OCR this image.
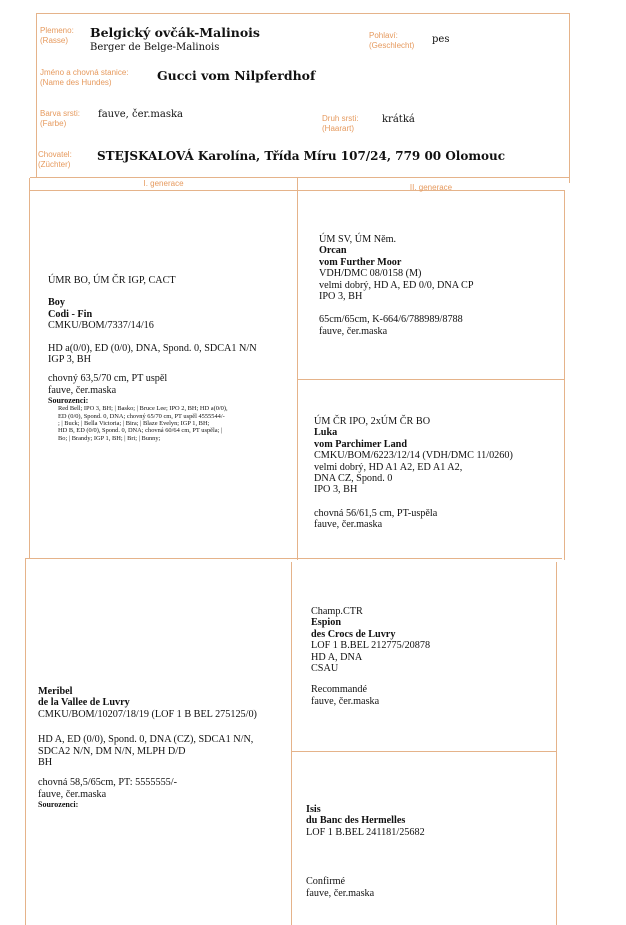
Plemeno:
(Rasse)
Belgický ovčák-Malinois
Berger de Belge-Malinois
Pohlaví:
(Geschlecht)
pes
Jméno a chovná stanice:
(Name des Hundes)	Gucci vom Nilpferdhof
Barva srsti:
(Farbe)
fauve, čer.maska	Druh srsti:
(Haarart)
krátká
Chovatel:
(Züchter)
STEJSKALOVÁ Karolína, Třída Míru 107/24, 779 00 Olomouc
I. generace	II. generace
ÚMR BO, ÚM ČR IGP, CACT
Boy
Codi - Fin
CMKU/BOM/7337/14/16
HD a(0/0), ED (0/0), DNA, Spond. 0, SDCA1 N/N
IGP 3, BH
chovný 63,5/70 cm, PT uspěl
fauve, čer.maska
Sourozenci:
Red Bell; IPO 3, BH; | Basko; | Bruce Lee; IPO 2, BH; HD a(0/0),
ED (0/0), Spond. 0, DNA; chovný 65/70 cm, PT uspěl 4555544/-
; | Buck; | Bella Victoria; | Bira; | Blaze Evelyn; IGP 1, BH;
HD B, ED (0/0), Spond. 0, DNA; chovná 60/64 cm, PT uspěla; |
Bo; | Brandy; IGP 1, BH; | Bri; | Bunny;
Meribel
de la Vallee de Luvry
CMKU/BOM/10207/18/19 (LOF 1 B BEL 275125/0)
HD A, ED (0/0), Spond. 0, DNA (CZ), SDCA1 N/N,
SDCA2 N/N, DM N/N, MLPH D/D
BH
chovná 58,5/65cm, PT: 5555555/-
fauve, čer.maska
Sourozenci:
ÚM SV, ÚM Něm.
Orcan
vom Further Moor
VDH/DMC 08/0158 (M)
velmi dobrý, HD A, ED 0/0, DNA CP
IPO 3, BH
65cm/65cm, K-664/6/788989/8788
fauve, čer.maska
ÚM ČR IPO, 2xÚM ČR BO
Luka
vom Parchimer Land
CMKU/BOM/6223/12/14 (VDH/DMC 11/0260)
velmi dobrý, HD A1 A2, ED A1 A2,
DNA CZ, Spond. 0
IPO 3, BH
chovná 56/61,5 cm, PT-uspěla
fauve, čer.maska
Champ.CTR
Espion
des Crocs de Luvry
LOF 1 B.BEL 212775/20878
HD A, DNA
CSAU
Recommandé
fauve, čer.maska
Isis
du Banc des Hermelles
LOF 1 B.BEL 241181/25682
Confirmé
fauve, čer.maska
